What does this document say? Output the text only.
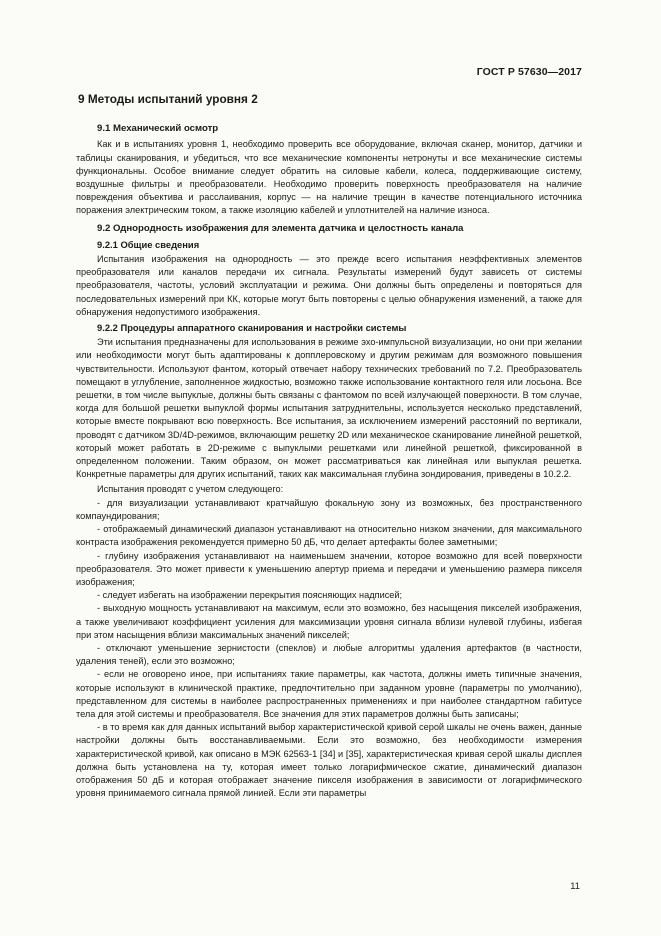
ГОСТ Р 57630—2017
9 Методы испытаний уровня 2
9.1 Механический осмотр

Как и в испытаниях уровня 1, необходимо проверить все оборудование, включая сканер, монитор, датчики и таблицы сканирования, и убедиться, что все механические компоненты нетронуты и все механические системы функциональны. Особое внимание следует обратить на силовые кабели, колеса, поддерживающие систему, воздушные фильтры и преобразователи. Необходимо проверить поверхность преобразователя на наличие повреждения объектива и расслаивания, корпус — на наличие трещин в качестве потенциального источника поражения электрическим током, а также изоляцию кабелей и уплотнителей на наличие износа.

9.2 Однородность изображения для элемента датчика и целостность канала
9.2.1 Общие сведения

Испытания изображения на однородность — это прежде всего испытания неэффективных элементов преобразователя или каналов передачи их сигнала. Результаты измерений будут зависеть от системы преобразователя, частоты, условий эксплуатации и режима. Они должны быть определены и повторяться для последовательных измерений при КК, которые могут быть повторены с целью обнаружения изменений, а также для обнаружения недопустимого изображения.

9.2.2 Процедуры аппаратного сканирования и настройки системы

Эти испытания предназначены для использования в режиме эхо-импульсной визуализации, но они при желании или необходимости могут быть адаптированы к допплеровскому и другим режимам для возможного повышения чувствительности. Используют фантом, который отвечает набору технических требований по 7.2. Преобразователь помещают в углубление, заполненное жидкостью, возможно также использование контактного геля или лосьона. Все решетки, в том числе выпуклые, должны быть связаны с фантомом по всей излучающей поверхности. В том случае, когда для большой решетки выпуклой формы испытания затруднительны, используется несколько представлений, которые вместе покрывают всю поверхность. Все испытания, за исключением измерений расстояний по вертикали, проводят с датчиком 3D/4D-режимов, включающим решетку 2D или механическое сканирование линейной решеткой, который может работать в 2D-режиме с выпуклыми решетками или линейной решеткой, фиксированной в определенном положении. Таким образом, он может рассматриваться как линейная или выпуклая решетка. Конкретные параметры для других испытаний, таких как максимальная глубина зондирования, приведены в 10.2.2.

Испытания проводят с учетом следующего:

- для визуализации устанавливают кратчайшую фокальную зону из возможных, без пространственного компаундирования;

- отображаемый динамический диапазон устанавливают на относительно низком значении, для максимального контраста изображения рекомендуется примерно 50 дБ, что делает артефакты более заметными;

- глубину изображения устанавливают на наименьшем значении, которое возможно для всей поверхности преобразователя. Это может привести к уменьшению апертур приема и передачи и уменьшению размера пикселя изображения;

- следует избегать на изображении перекрытия поясняющих надписей;

- выходную мощность устанавливают на максимум, если это возможно, без насыщения пикселей изображения, а также увеличивают коэффициент усиления для максимизации уровня сигнала вблизи нулевой глубины, избегая при этом насыщения вблизи максимальных значений пикселей;

- отключают уменьшение зернистости (спеклов) и любые алгоритмы удаления артефактов (в частности, удаления теней), если это возможно;

- если не оговорено иное, при испытаниях такие параметры, как частота, должны иметь типичные значения, которые используют в клинической практике, предпочтительно при заданном уровне (параметры по умолчанию), представленном для системы в наиболее распространенных применениях и при наиболее стандартном габитусе тела для этой системы и преобразователя. Все значения для этих параметров должны быть записаны;

- в то время как для данных испытаний выбор характеристической кривой серой шкалы не очень важен, данные настройки должны быть восстанавливаемыми. Если это возможно, без необходимости измерения характеристической кривой, как описано в МЭК 62563-1 [34] и [35], характеристическая кривая серой шкалы дисплея должна быть установлена на ту, которая имеет только логарифмическое сжатие, динамический диапазон отображения 50 дБ и которая отображает значение пикселя изображения в зависимости от логарифмического уровня принимаемого сигнала прямой линией. Если эти параметры

11
